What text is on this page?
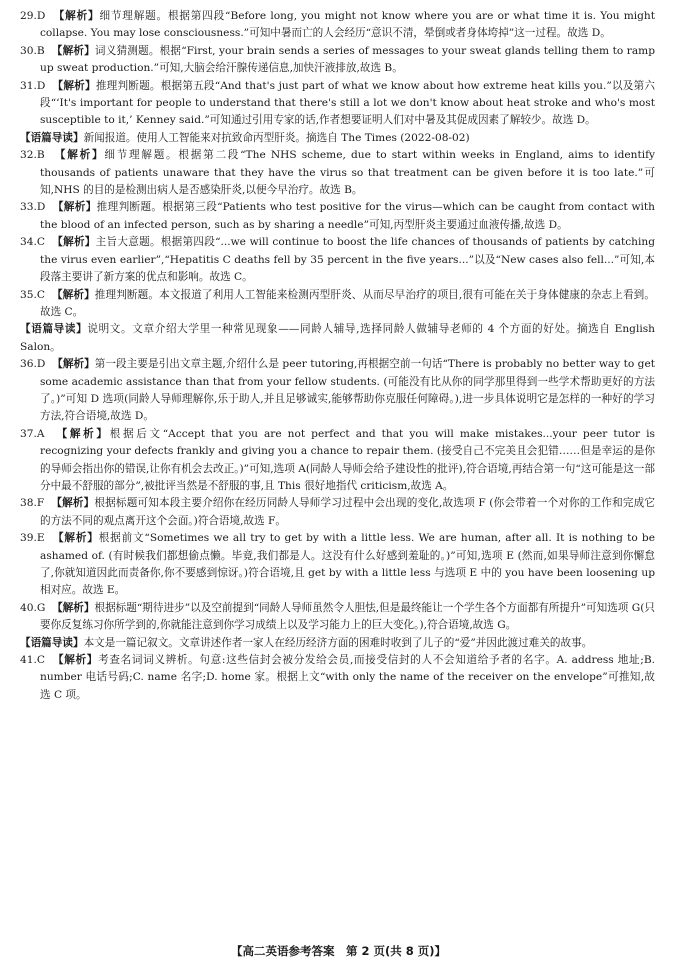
29.D 【解析】细节理解题。根据第四段“Before long, you might not know where you are or what time it is. You might collapse. You may lose consciousness.”可知中暑而亡的人会经历“意识不清，晕倒或者身体垮掉”这一过程。故选 D。

30.B 【解析】词义猜测题。根据“First, your brain sends a series of messages to your sweat glands telling them to ramp up sweat production.”可知,大脑会给汗腺传递信息,加快汗液排放,故选 B。

31.D 【解析】推理判断题。根据第五段“And that's just part of what we know about how extreme heat kills you.”以及第六段“‘It's important for people to understand that there's still a lot we don't know about heat stroke and who's most susceptible to it,’ Kenney said.”可知通过引用专家的话,作者想要证明人们对中暑及其促成因素了解较少。故选 D。

【语篇导读】新闻报道。使用人工智能来对抗致命丙型肝炎。摘选自 The Times (2022-08-02)

32.B 【解析】细节理解题。根据第二段“The NHS scheme, due to start within weeks in England, aims to identify thousands of patients unaware that they have the virus so that treatment can be given before it is too late.”可知,NHS 的目的是检测出病人是否感染肝炎,以便今早治疗。故选 B。

33.D 【解析】推理判断题。根据第三段“Patients who test positive for the virus—which can be caught from contact with the blood of an infected person, such as by sharing a needle”可知,丙型肝炎主要通过血液传播,故选 D。

34.C 【解析】主旨大意题。根据第四段“...we will continue to boost the life chances of thousands of patients by catching the virus even earlier”,“Hepatitis C deaths fell by 35 percent in the five years...”以及“New cases also fell...”可知,本段落主要讲了新方案的优点和影响。故选 C。

35.C 【解析】推理判断题。本文报道了利用人工智能来检测丙型肝炎、从而尽早治疗的项目,很有可能在关于身体健康的杂志上看到。故选 C。

【语篇导读】说明文。文章介绍大学里一种常见现象——同龄人辅导,选择同龄人做辅导老师的 4 个方面的好处。摘选自 English Salon。

36.D 【解析】第一段主要是引出文章主题,介绍什么是 peer tutoring,再根据空前一句话“There is probably no better way to get some academic assistance than that from your fellow students. (可能没有比从你的同学那里得到一些学术帮助更好的方法了。)”可知 D 选项(同龄人导师理解你,乐于助人,并且足够诚实,能够帮助你克服任何障碍。),进一步具体说明它是怎样的一种好的学习方法,符合语境,故选 D。

37.A 【解析】根据后文“Accept that you are not perfect and that you will make mistakes...your peer tutor is recognizing your defects frankly and giving you a chance to repair them. (接受自己不完美且会犯错……但是幸运的是你的导师会指出你的错误,让你有机会去改正。)”可知,选项 A(同龄人导师会给予建设性的批评),符合语境,再结合第一句“这可能是这一部分中最不舒服的部分”,被批评当然是不舒服的事,且 This 很好地指代 criticism,故选 A。

38.F 【解析】根据标题可知本段主要介绍你在经历同龄人导师学习过程中会出现的变化,故选项 F (你会带着一个对你的工作和完成它的方法不同的观点离开这个会面。)符合语境,故选 F。

39.E 【解析】根据前文“Sometimes we all try to get by with a little less. We are human, after all. It is nothing to be ashamed of. (有时候我们都想偷点懒。毕竟,我们都是人。这没有什么好感到羞耻的。)”可知,选项 E (然而,如果导师注意到你懈怠了,你就知道因此而责备你,你不要感到惊讶。)符合语境,且 get by with a little less 与选项 E 中的 you have been loosening up 相对应。故选 E。

40.G 【解析】根据标题“期待进步”以及空前提到“同龄人导师虽然令人胆怯,但是最终能让一个学生各个方面都有所提升”可知选项 G(只要你反复练习你所学到的,你就能注意到你学习成绩上以及学习能力上的巨大变化。),符合语境,故选 G。

【语篇导读】本文是一篇记叙文。文章讲述作者一家人在经历经济方面的困难时收到了儿子的“爱”并因此渡过难关的故事。

41.C 【解析】考查名词词义辨析。句意:这些信封会被分发给会员,而接受信封的人不会知道给予者的名字。A. address 地址;B. number 电话号码;C. name 名字;D. home 家。根据上文“with only the name of the receiver on the envelope”可推知,故选 C 项。

【高二英语参考答案　第 2 页(共 8 页)】
